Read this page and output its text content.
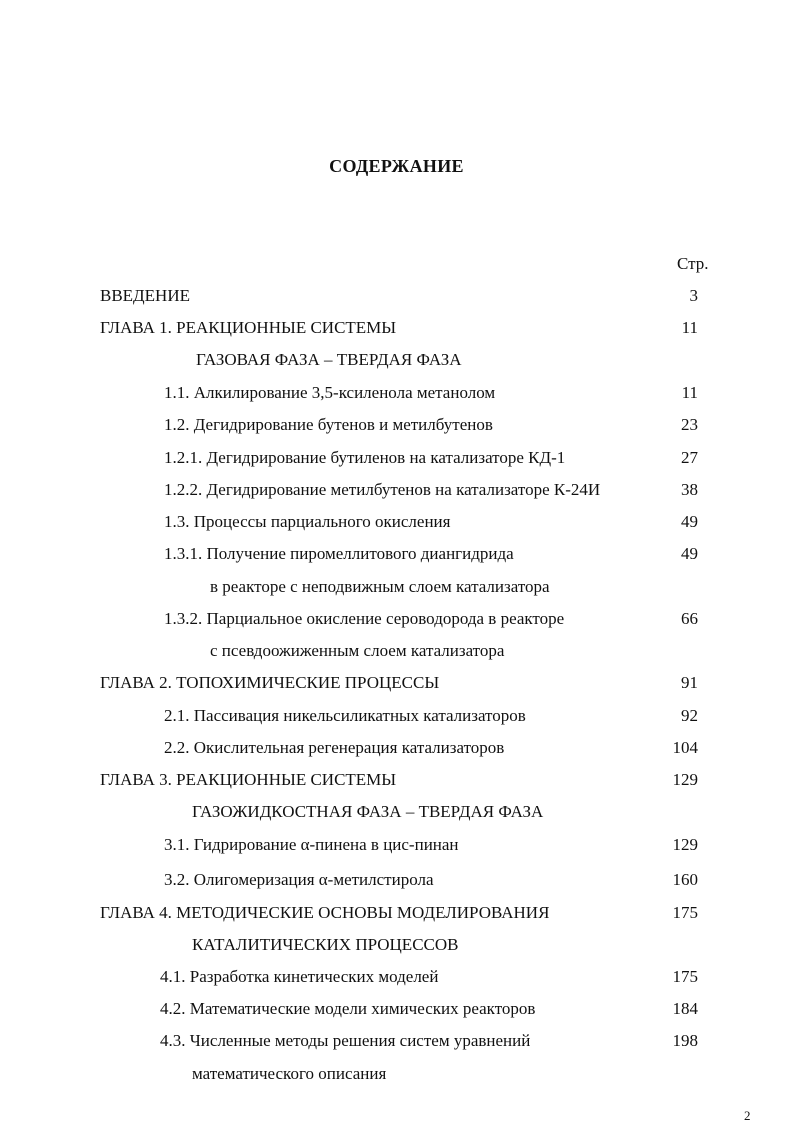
СОДЕРЖАНИЕ
Стр.
ВВЕДЕНИЕ	3
ГЛАВА 1. РЕАКЦИОННЫЕ СИСТЕМЫ	11
ГАЗОВАЯ ФАЗА – ТВЕРДАЯ ФАЗА
1.1. Алкилирование 3,5-ксиленола метанолом	11
1.2. Дегидрирование бутенов и метилбутенов	23
1.2.1. Дегидрирование бутиленов на катализаторе КД-1	27
1.2.2. Дегидрирование метилбутенов на катализаторе К-24И	38
1.3. Процессы парциального окисления	49
1.3.1. Получение пиромеллитового диангидрида	49
в реакторе с неподвижным слоем катализатора
1.3.2. Парциальное окисление сероводорода в реакторе	66
с псевдоожиженным слоем катализатора
ГЛАВА 2. ТОПОХИМИЧЕСКИЕ ПРОЦЕССЫ	91
2.1. Пассивация никельсиликатных катализаторов	92
2.2. Окислительная регенерация катализаторов	104
ГЛАВА 3. РЕАКЦИОННЫЕ СИСТЕМЫ	129
ГАЗОЖИДКОСТНАЯ ФАЗА – ТВЕРДАЯ ФАЗА
3.1. Гидрирование α-пинена в цис-пинан	129
3.2. Олигомеризация α-метилстирола	160
ГЛАВА 4. МЕТОДИЧЕСКИЕ ОСНОВЫ МОДЕЛИРОВАНИЯ	175
КАТАЛИТИЧЕСКИХ ПРОЦЕССОВ
4.1. Разработка кинетических моделей	175
4.2. Математические модели химических реакторов	184
4.3. Численные методы решения систем уравнений	198
математического описания
2
